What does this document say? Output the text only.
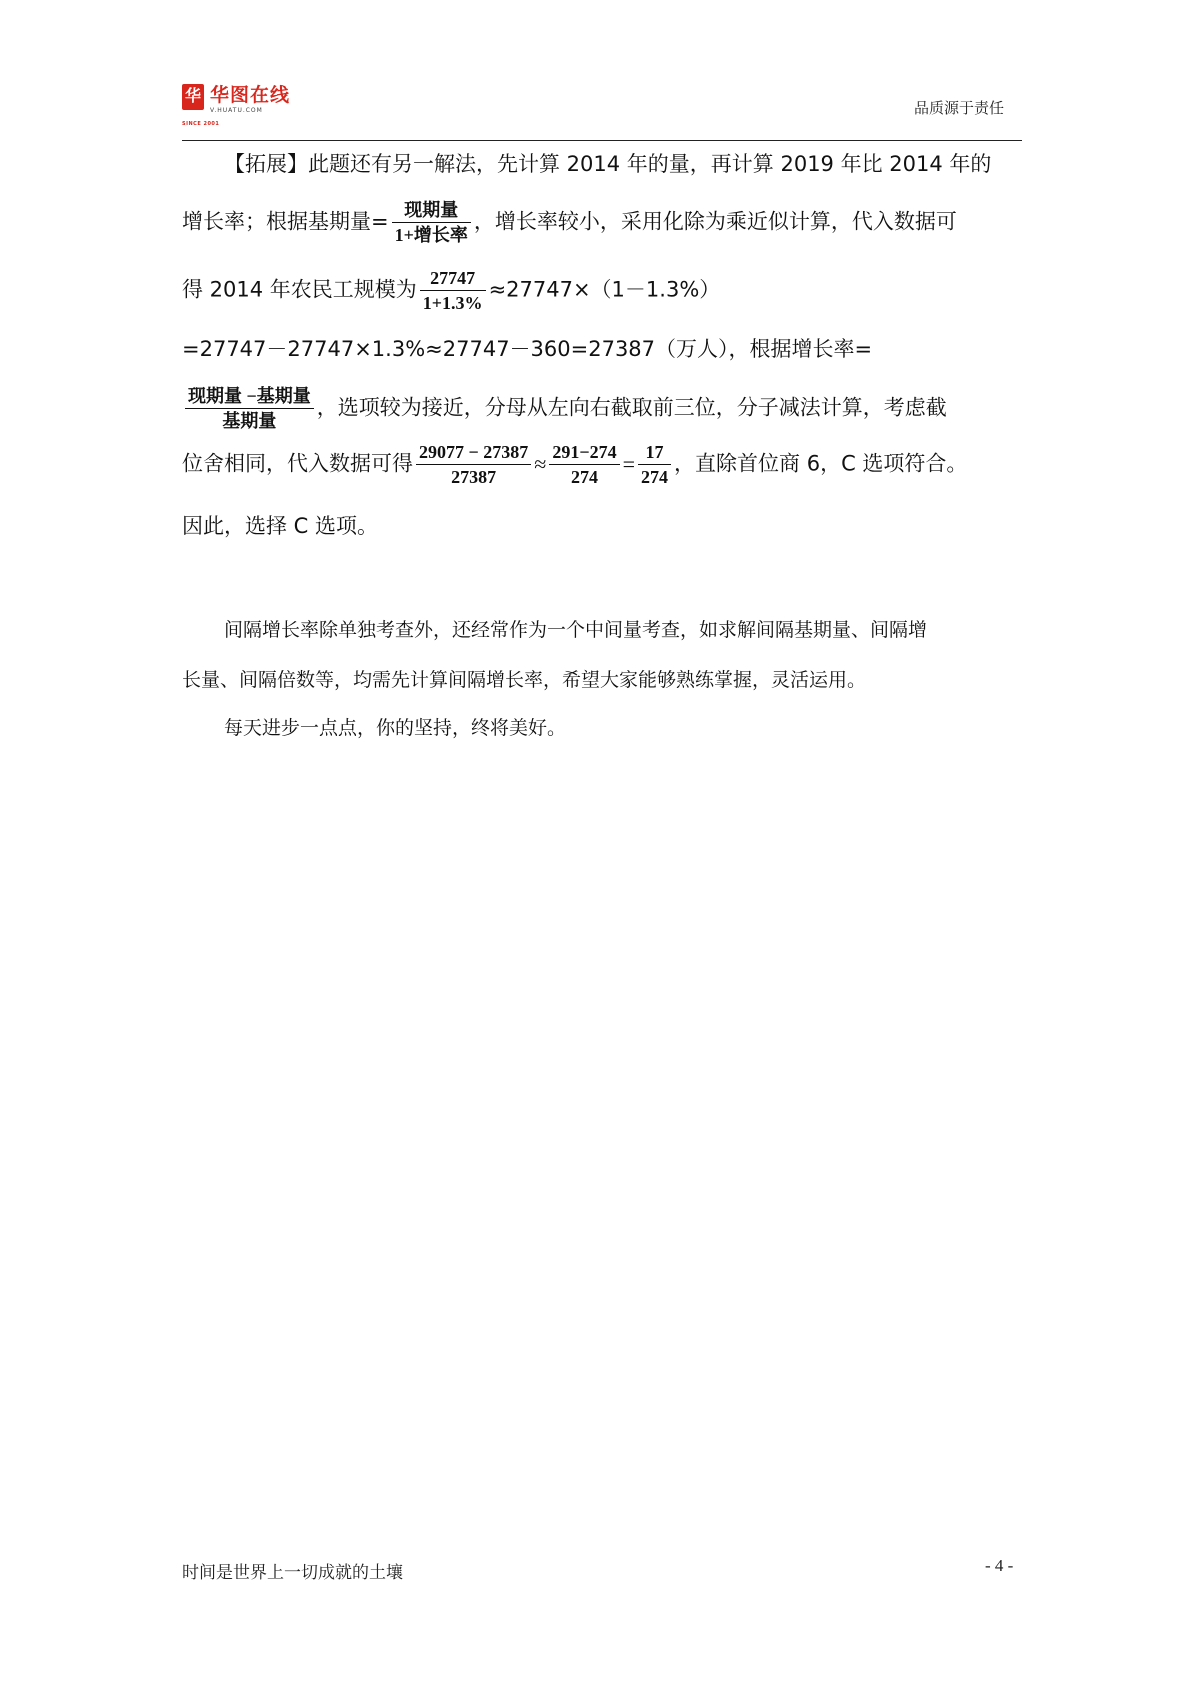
华
SINCE 2001
华图在线
V.HUATU.COM	品质源于责任
【拓展】此题还有另一解法，先计算 2014 年的量，再计算 2019 年比 2014 年的
增长率；根据基期量= $\frac{\text{现期量}}{\text{1+增长率}}$ ，增长率较小，采用化除为乘近似计算，代入数据可
得 2014 年农民工规模为 $\frac{27747}{1+1.3\%} \approx 27747\times(1-1.3\%)$
=27747－27747×1.3%≈27747－360=27387（万人），根据增长率=
$\frac{\text{现期量 −基期量}}{\text{基期量}}$ ，选项较为接近，分母从左向右截取前三位，分子减法计算，考虑截
位舍相同，代入数据可得 $\frac{29077 - 27387}{27387} \approx \frac{291-274}{274} = \frac{17}{274}$ ，直除首位商 6，C 选项符合。
因此，选择 C 选项。
间隔增长率除单独考查外，还经常作为一个中间量考查，如求解间隔基期量、间隔增
长量、间隔倍数等，均需先计算间隔增长率，希望大家能够熟练掌握，灵活运用。
每天进步一点点，你的坚持，终将美好。
时间是世界上一切成就的土壤	- 4 -
